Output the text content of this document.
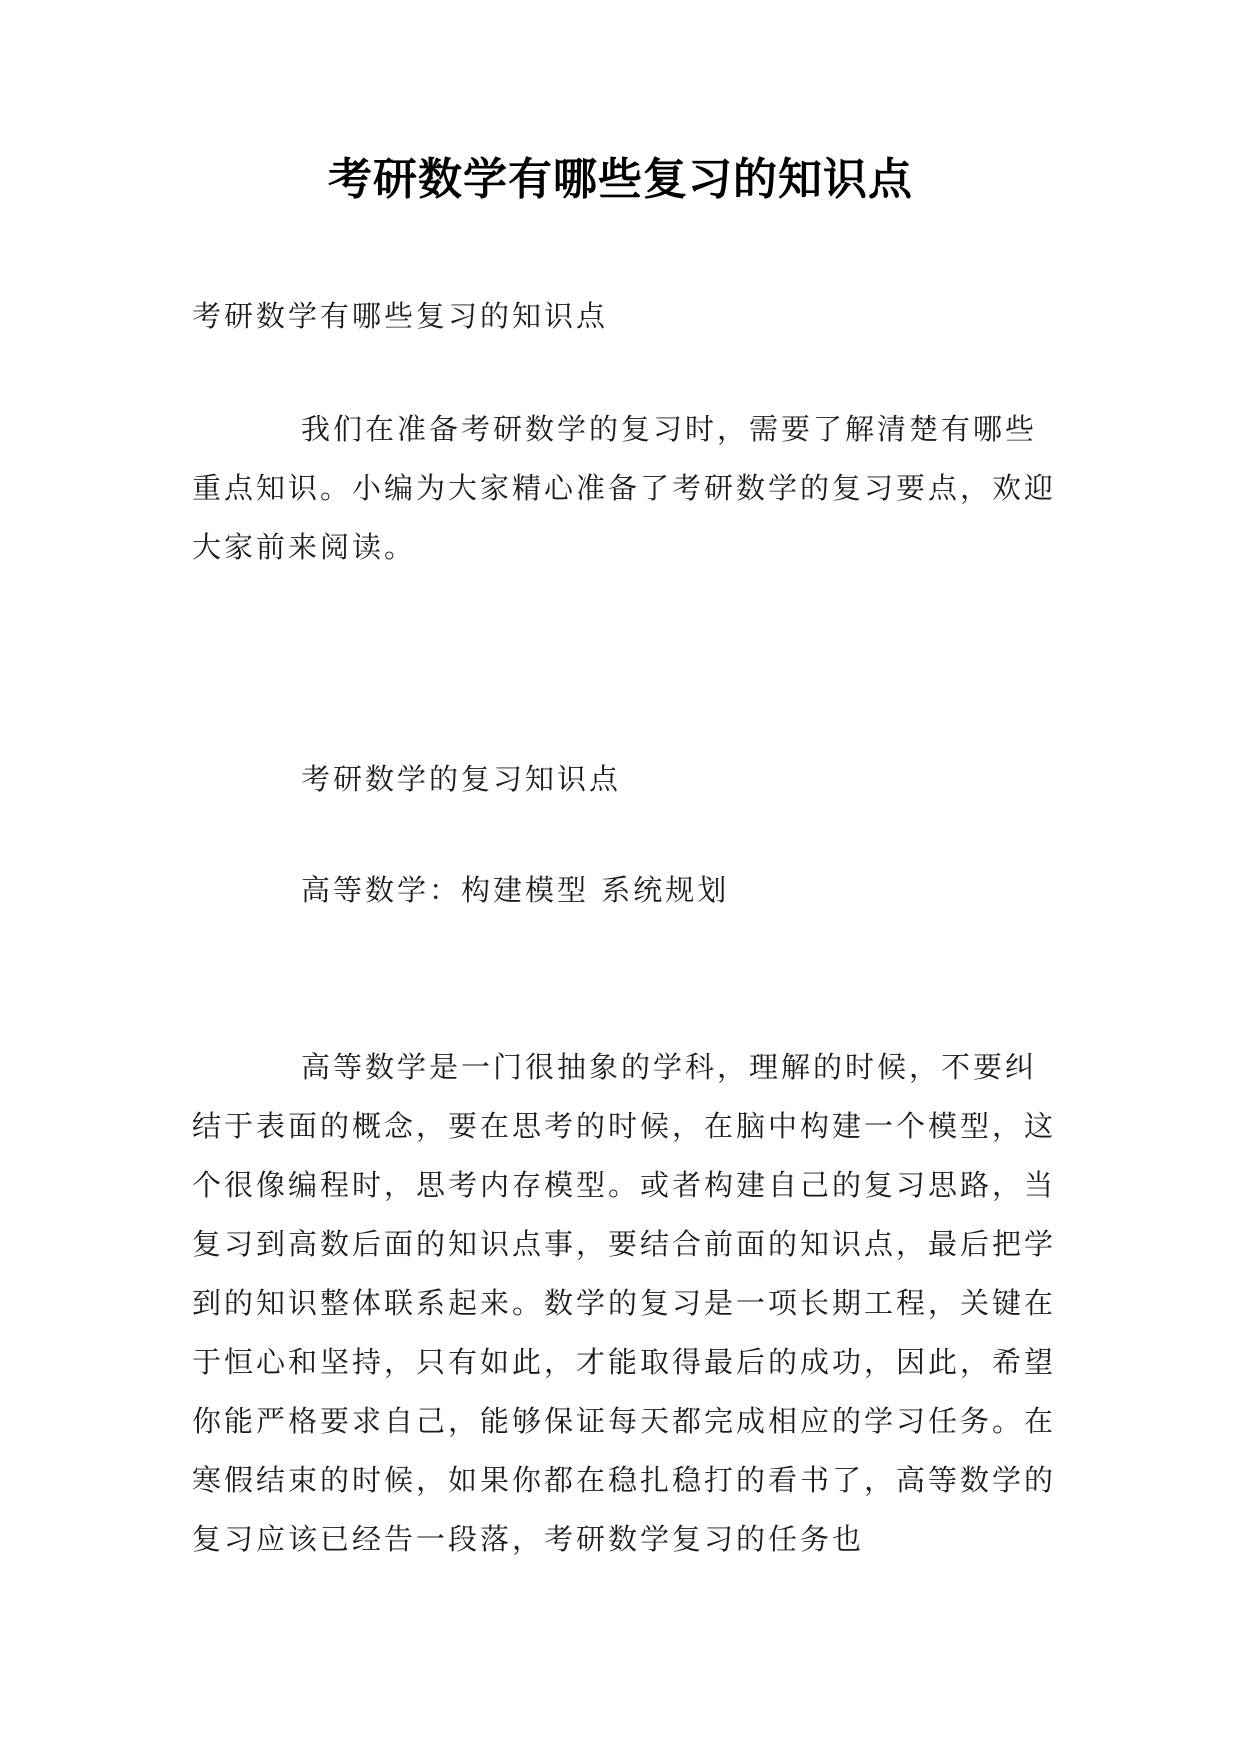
考研数学有哪些复习的知识点
考研数学有哪些复习的知识点
我们在准备考研数学的复习时，需要了解清楚有哪些重点知识。小编为大家精心准备了考研数学的复习要点，欢迎大家前来阅读。
考研数学的复习知识点
高等数学：构建模型 系统规划
高等数学是一门很抽象的学科，理解的时候，不要纠结于表面的概念，要在思考的时候，在脑中构建一个模型，这个很像编程时，思考内存模型。或者构建自己的复习思路，当复习到高数后面的知识点事，要结合前面的知识点，最后把学到的知识整体联系起来。数学的复习是一项长期工程，关键在于恒心和坚持，只有如此，才能取得最后的成功，因此，希望你能严格要求自己，能够保证每天都完成相应的学习任务。在寒假结束的时候，如果你都在稳扎稳打的看书了，高等数学的复习应该已经告一段落，考研数学复习的任务也
